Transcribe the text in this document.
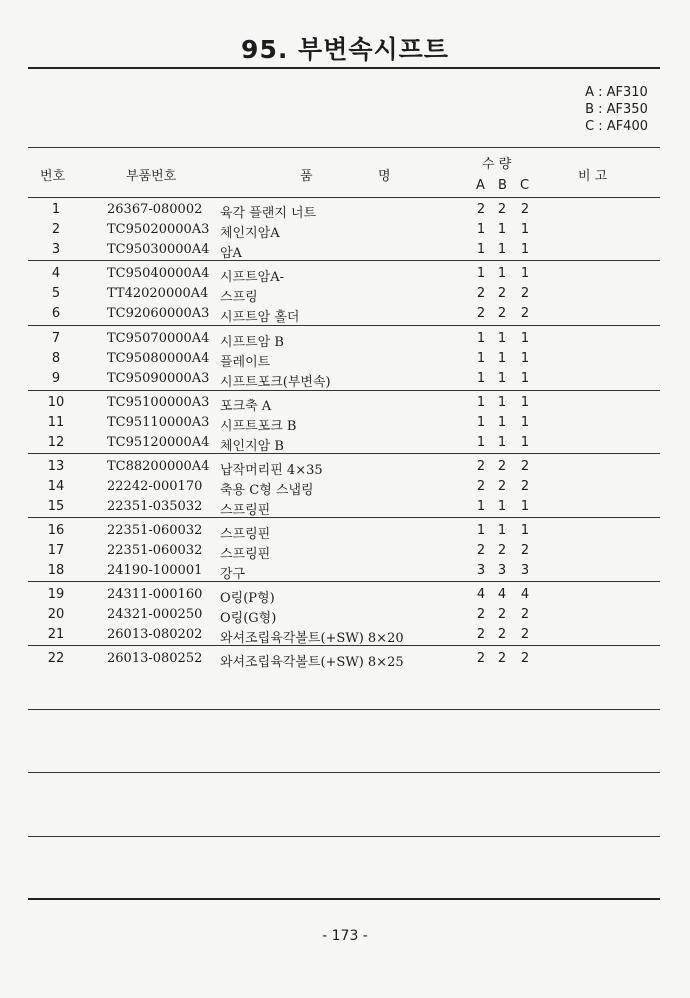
95. 부변속시프트
A : AF310
B : AF350
C : AF400
번호	부품번호	품	명
수 량
A B C
비 고
1	26367-080002 육각 플랜지 너트	2 2 2
2	TC95020000A3 체인지암A	1 1 1
3	TC95030000A4 암A	1 1 1
4	TC95040000A4 시프트암A-	1 1 1
5	TT42020000A4 스프링	2 2 2
6	TC92060000A3 시프트암 홀더	2 2 2
7	TC95070000A4 시프트암 B	1 1 1
8	TC95080000A4 플레이트	1 1 1
9	TC95090000A3 시프트포크(부변속)	1 1 1
10	TC95100000A3 포크축 A	1 1 1
11	TC95110000A3 시프트포크 B	1 1 1
12	TC95120000A4 체인지암 B	1 1 1
13	TC88200000A4 납작머리핀 4×35	2 2 2
14	22242-000170 축용 C형 스냅링	2 2 2
15	22351-035032 스프링핀	1 1 1
16	22351-060032 스프링핀	1 1 1
17	22351-060032 스프링핀	2 2 2
18	24190-100001 강구	3 3 3
19	24311-000160 O링(P형)	4 4 4
20	24321-000250 O링(G형)	2 2 2
21	26013-080202 와셔조립육각볼트(+SW) 8×20	2 2 2
22	26013-080252 와셔조립육각볼트(+SW) 8×25	2 2 2
- 173 -
